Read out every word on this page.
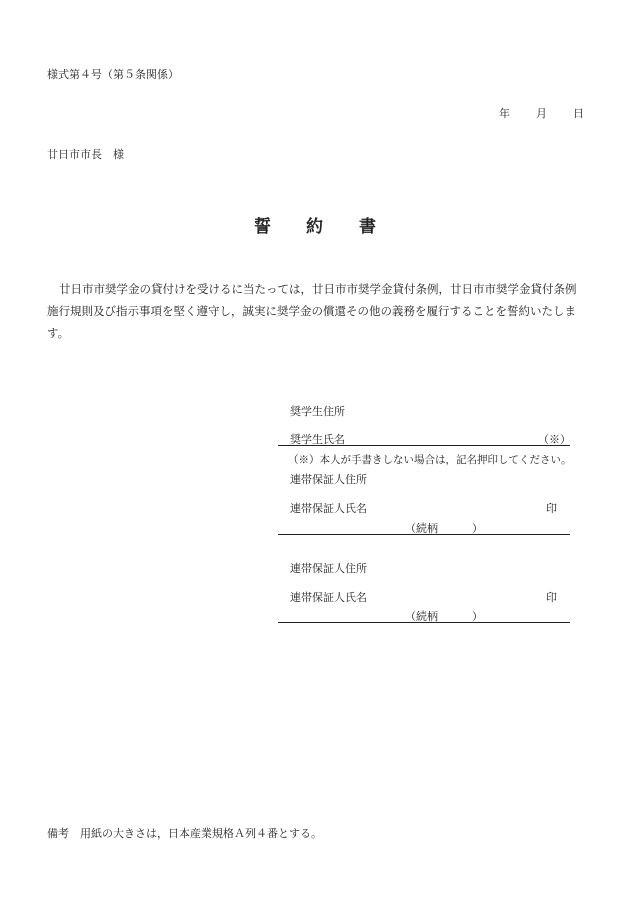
様式第４号（第５条関係）
年 月 日
廿日市市長　様
誓 約 書
廿日市市奨学金の貸付けを受けるに当たっては，廿日市市奨学金貸付条例，廿日市市奨学金貸付条例施行規則及び指示事項を堅く遵守し，誠実に奨学金の償還その他の義務を履行することを誓約いたします。
奨学生住所
奨学生氏名	（※）
（※）本人が手書きしない場合は，記名押印してください。
連帯保証人住所
連帯保証人氏名	印
（続柄	）
連帯保証人住所
連帯保証人氏名	印
（続柄	）
備考　用紙の大きさは，日本産業規格Ａ列４番とする。
